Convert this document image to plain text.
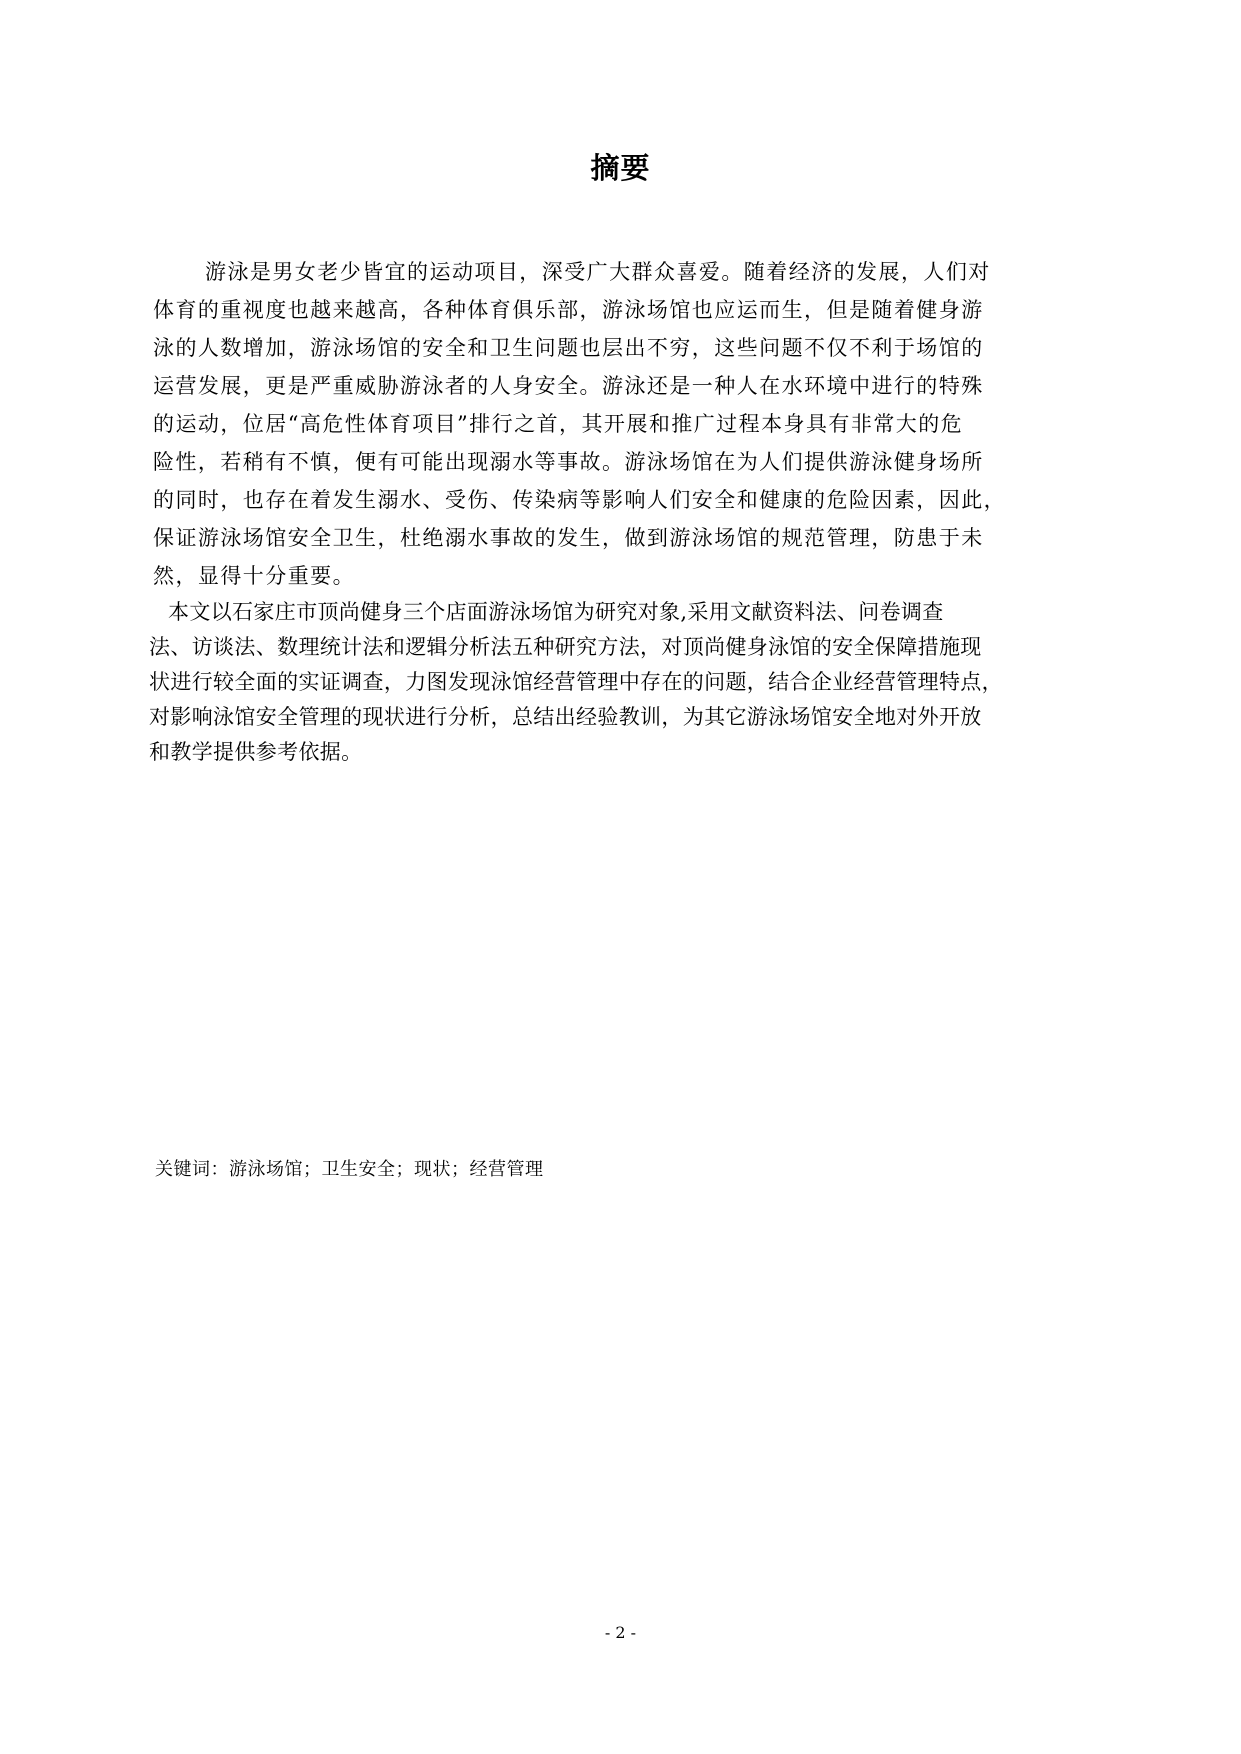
摘要
游泳是男女老少皆宜的运动项目，深受广大群众喜爱。随着经济的发展，人们对
体育的重视度也越来越高，各种体育俱乐部，游泳场馆也应运而生，但是随着健身游
泳的人数增加，游泳场馆的安全和卫生问题也层出不穷，这些问题不仅不利于场馆的
运营发展，更是严重威胁游泳者的人身安全。游泳还是一种人在水环境中进行的特殊
的运动，位居“高危性体育项目”排行之首，其开展和推广过程本身具有非常大的危
险性，若稍有不慎，便有可能出现溺水等事故。游泳场馆在为人们提供游泳健身场所
的同时，也存在着发生溺水、受伤、传染病等影响人们安全和健康的危险因素，因此，
保证游泳场馆安全卫生，杜绝溺水事故的发生，做到游泳场馆的规范管理，防患于未
然，显得十分重要。
本文以石家庄市顶尚健身三个店面游泳场馆为研究对象,采用文献资料法、问卷调查
法、访谈法、数理统计法和逻辑分析法五种研究方法，对顶尚健身泳馆的安全保障措施现
状进行较全面的实证调查，力图发现泳馆经营管理中存在的问题，结合企业经营管理特点，
对影响泳馆安全管理的现状进行分析，总结出经验教训，为其它游泳场馆安全地对外开放
和教学提供参考依据。
关键词：游泳场馆；卫生安全；现状；经营管理
- 2 -
